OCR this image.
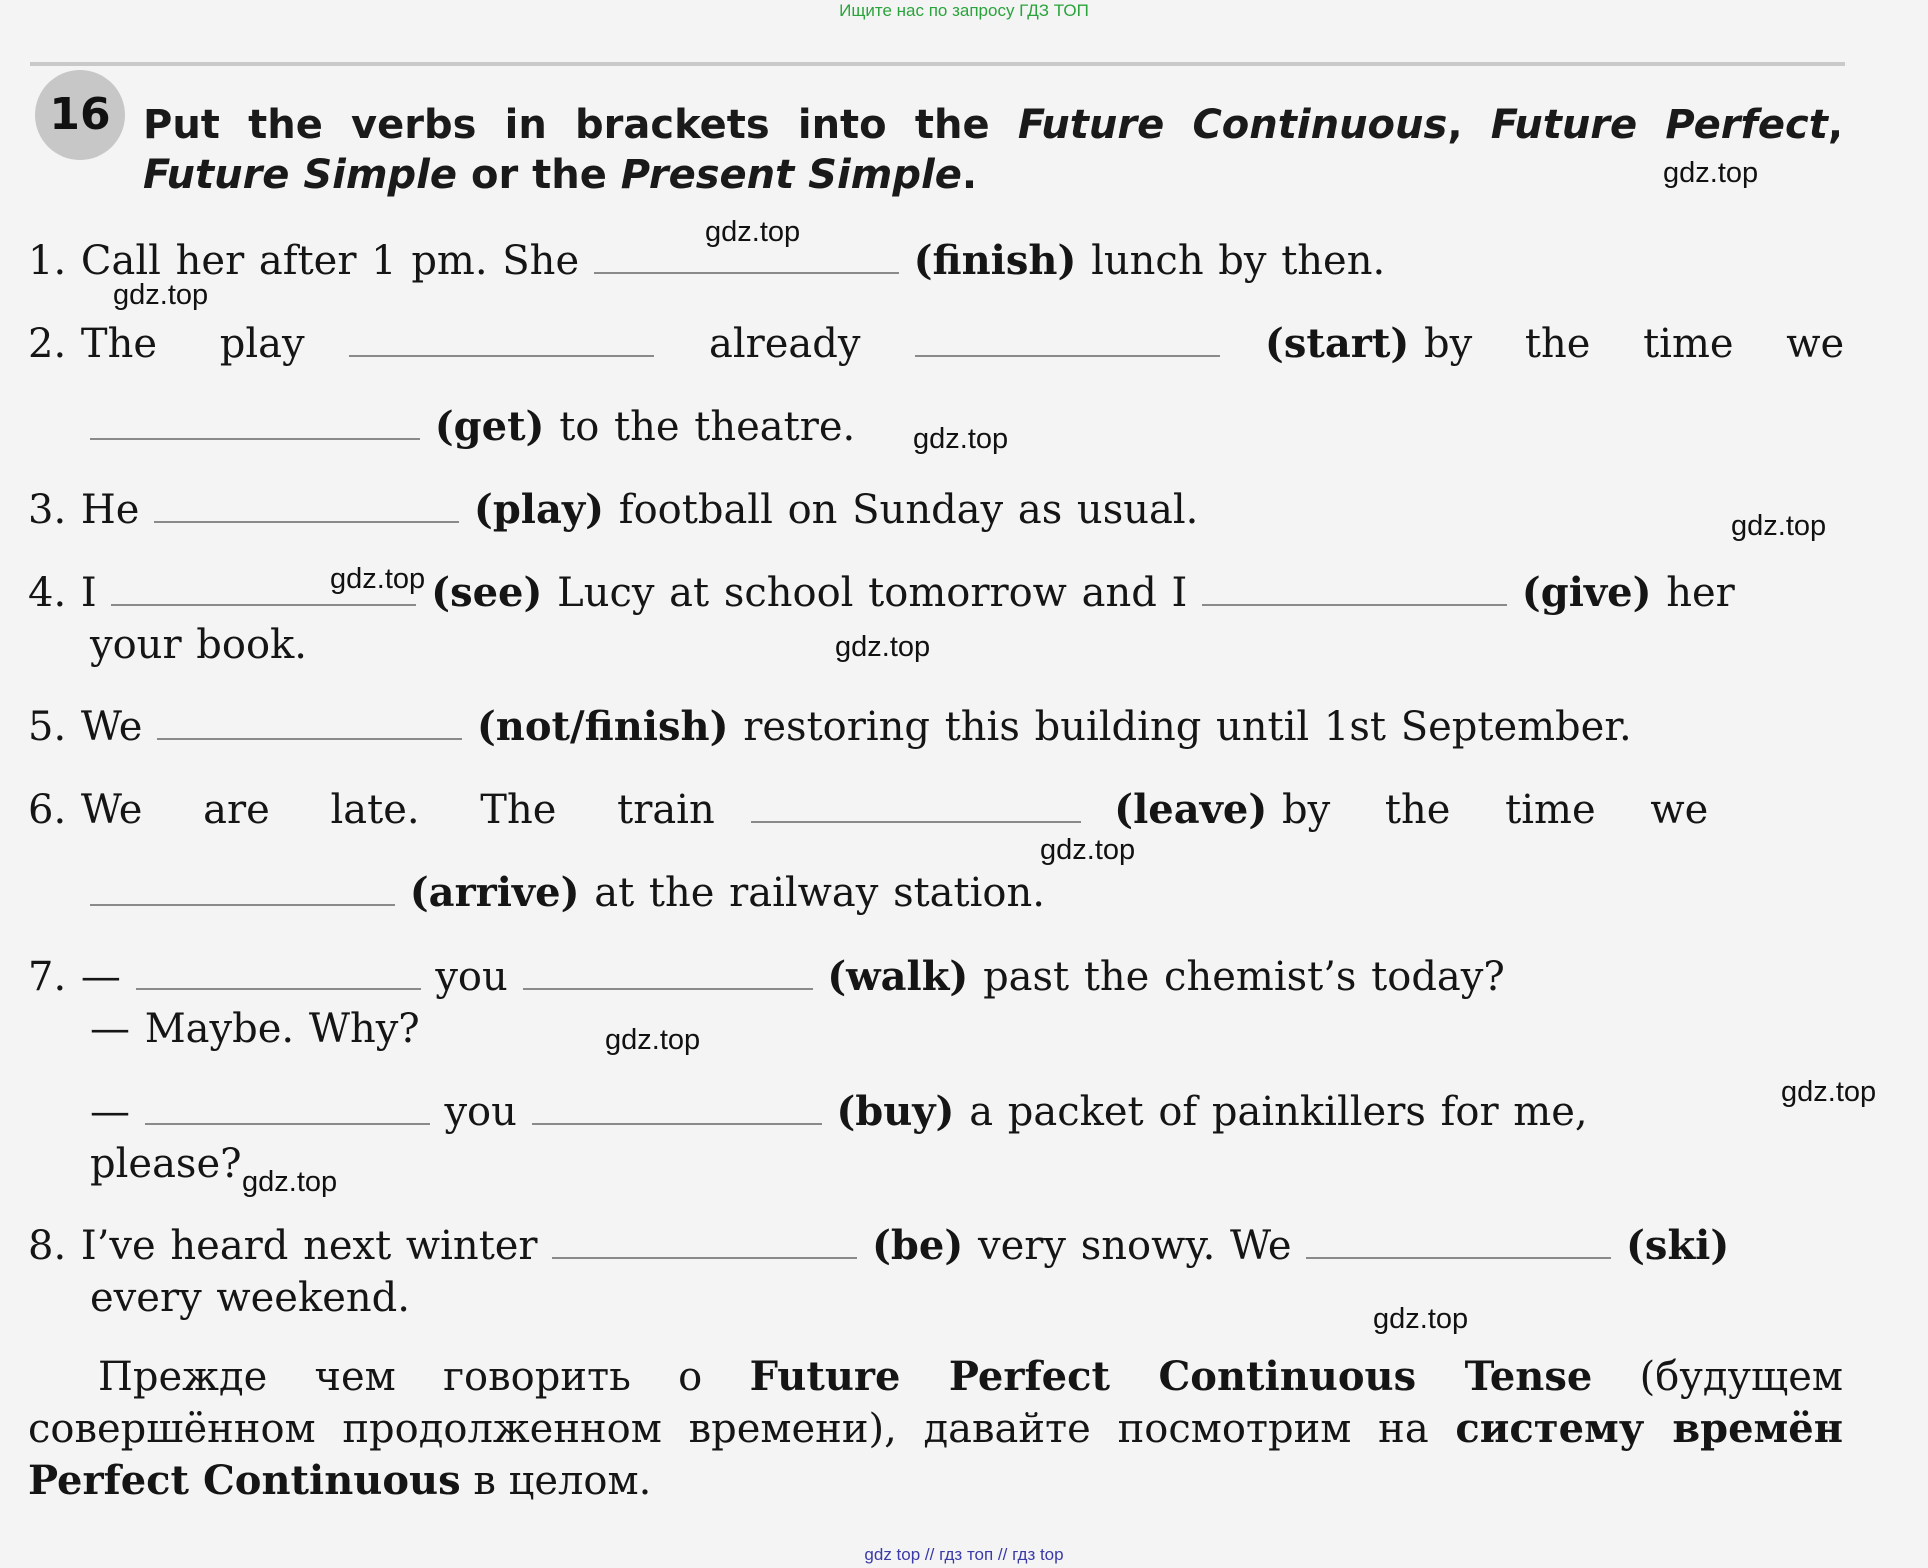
Ищите нас по запросу ГДЗ ТОП
16 Put the verbs in brackets into the Future Continuous, Future Perfect, Future Simple or the Present Simple.
1. Call her after 1 pm. She	(finish) lunch by then.
2. The play	already	(start) by the time we
(get) to the theatre.
3. He	(play) football on Sunday as usual.
4. I	(see) Lucy at school tomorrow and I	(give) her
your book.
5. We	(not/finish) restoring this building until 1st September.
6. We are late. The train	(leave) by the time we
(arrive) at the railway station.
7. —	you	(walk) past the chemist’s today?
— Maybe. Why?
—	you	(buy) a packet of painkillers for me,
please?
8. I’ve heard next winter	(be) very snowy. We	(ski)
every weekend.
Прежде чем говорить о Future Perfect Continuous Tense (будущем совершённом продолженном времени), давайте посмотрим на систему времён Perfect Continuous в целом.
gdz.top
gdz.top
gdz.top
gdz.top
gdz.top
gdz.top
gdz.top
gdz.top
gdz.top
gdz.top
gdz.top
gdz.top
gdz top // гдз топ // гдз top
